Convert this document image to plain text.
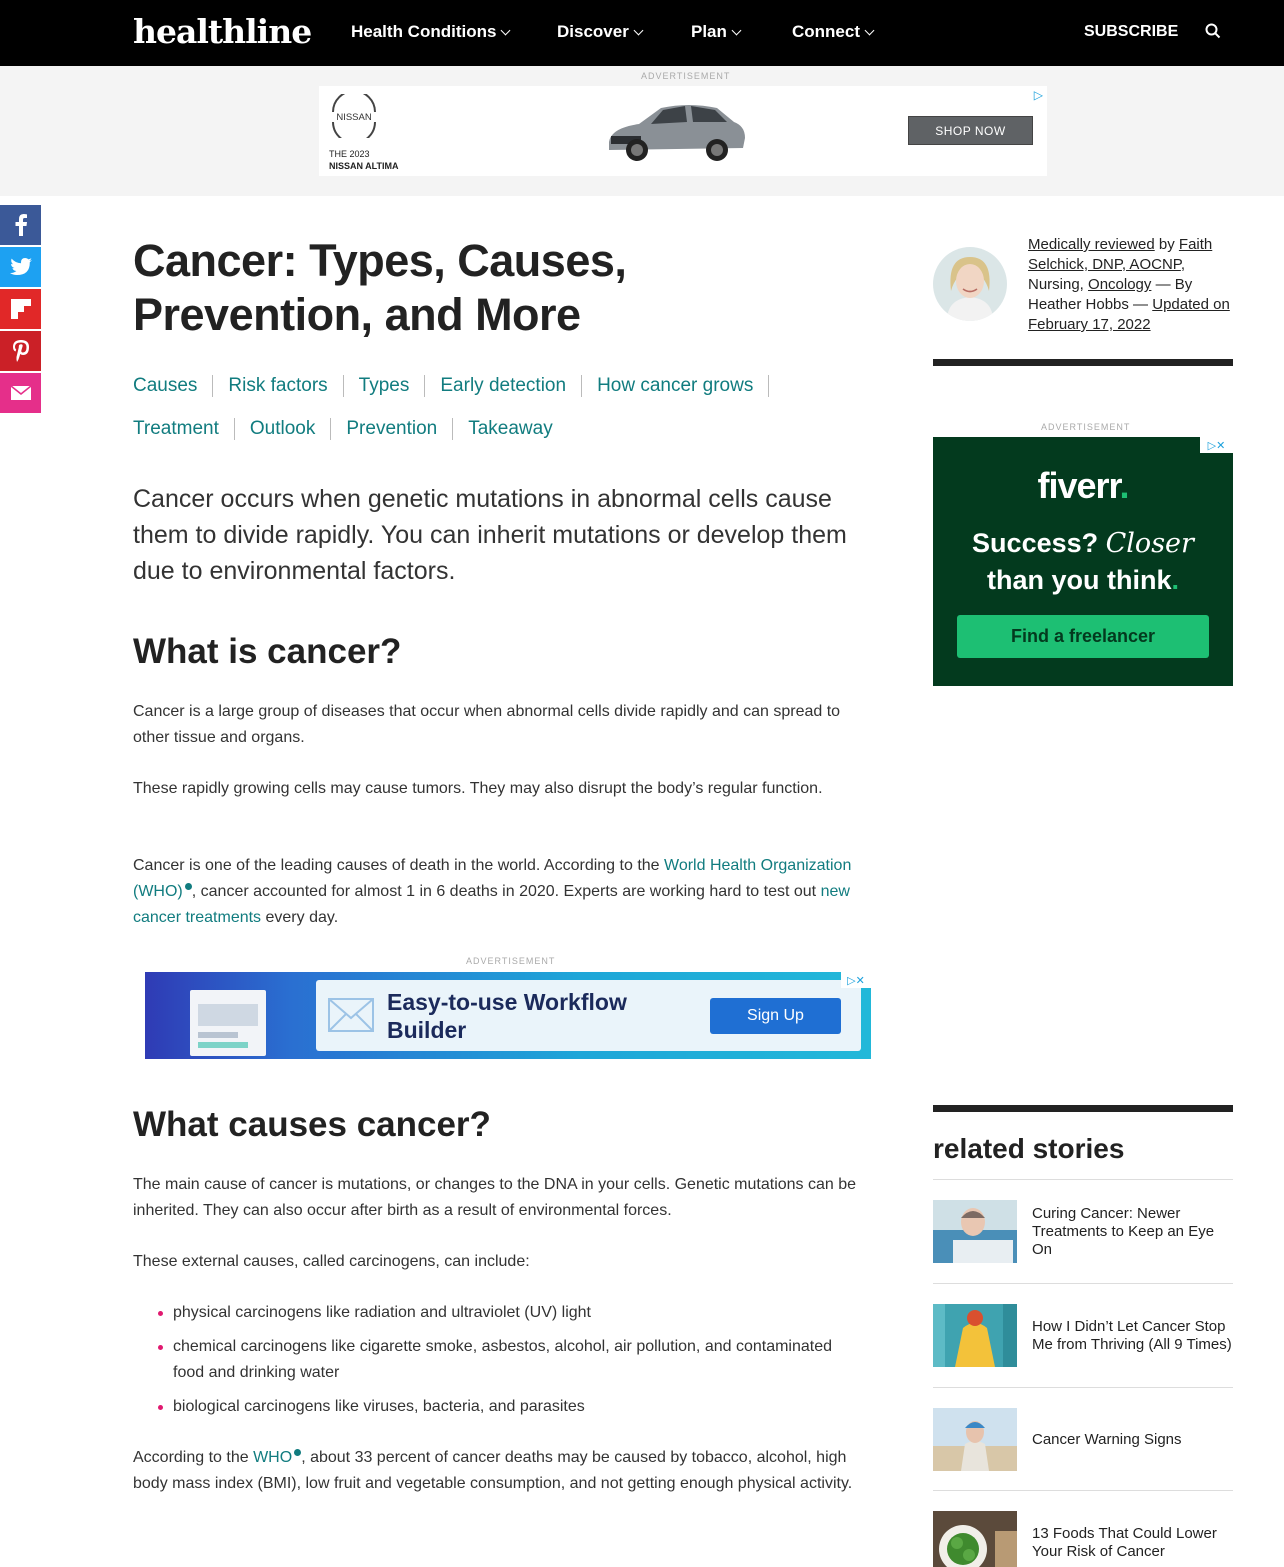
healthline Health Conditions	Discover	Plan	Connect	SUBSCRIBE
ADVERTISEMENT
NISSAN
THE 2023
NISSAN ALTIMA
SHOP NOW
▷
Cancer: Types, Causes, Prevention, and More
Causes Risk factors Types Early detection How cancer grows
Treatment Outlook Prevention Takeaway

Cancer occurs when genetic mutations in abnormal cells cause them to divide rapidly. You can inherit mutations or develop them due to environmental factors.

What is cancer?

Cancer is a large group of diseases that occur when abnormal cells divide rapidly and can spread to other tissue and organs.

These rapidly growing cells may cause tumors. They may also disrupt the body’s regular function.

Cancer is one of the leading causes of death in the world. According to the World Health Organization (WHO) , cancer accounted for almost 1 in 6 deaths in 2020. Experts are working hard to test out new cancer treatments every day.

ADVERTISEMENT
Easy-to-use Workflow
Builder
Sign Up
▷✕
What causes cancer?

The main cause of cancer is mutations, or changes to the DNA in your cells. Genetic mutations can be inherited. They can also occur after birth as a result of environmental forces.

These external causes, called carcinogens, can include:

physical carcinogens like radiation and ultraviolet (UV) light
chemical carcinogens like cigarette smoke, asbestos, alcohol, air pollution, and contaminated food and drinking water
biological carcinogens like viruses, bacteria, and parasites

According to the WHO , about 33 percent of cancer deaths may be caused by tobacco, alcohol, high body mass index (BMI), low fruit and vegetable consumption, and not getting enough physical activity.

Medically reviewed by Faith Selchick, DNP, AOCNP, Nursing, Oncology — By Heather Hobbs — Updated on February 17, 2022
ADVERTISEMENT
fiverr.
Success? Closer
than you think.
Find a freelancer
▷✕
related stories
Curing Cancer: Newer Treatments to Keep an Eye On
How I Didn’t Let Cancer Stop Me from Thriving (All 9 Times)
Cancer Warning Signs
13 Foods That Could Lower Your Risk of Cancer
